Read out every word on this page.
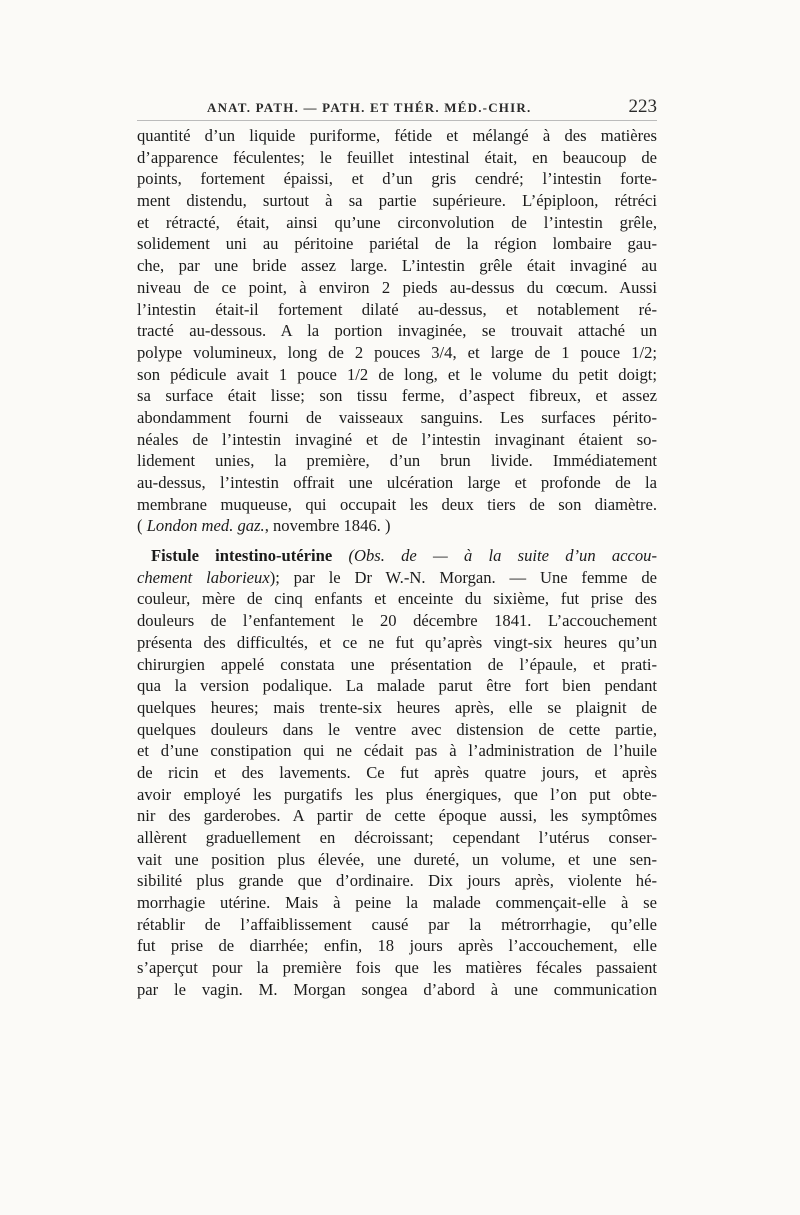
ANAT. PATH. — PATH. ET THÉR. MÉD.-CHIR.	223
quantité d’un liquide puriforme, fétide et mélangé à des matières
d’apparence féculentes; le feuillet intestinal était, en beaucoup de
points, fortement épaissi, et d’un gris cendré; l’intestin forte-
ment distendu, surtout à sa partie supérieure. L’épiploon, rétréci
et rétracté, était, ainsi qu’une circonvolution de l’intestin grêle,
solidement uni au péritoine pariétal de la région lombaire gau-
che, par une bride assez large. L’intestin grêle était invaginé au
niveau de ce point, à environ 2 pieds au-dessus du cœcum. Aussi
l’intestin était-il fortement dilaté au-dessus, et notablement ré-
tracté au-dessous. A la portion invaginée, se trouvait attaché un
polype volumineux, long de 2 pouces 3/4, et large de 1 pouce 1/2;
son pédicule avait 1 pouce 1/2 de long, et le volume du petit doigt;
sa surface était lisse; son tissu ferme, d’aspect fibreux, et assez
abondamment fourni de vaisseaux sanguins. Les surfaces périto-
néales de l’intestin invaginé et de l’intestin invaginant étaient so-
lidement unies, la première, d’un brun livide. Immédiatement
au-dessus, l’intestin offrait une ulcération large et profonde de la
membrane muqueuse, qui occupait les deux tiers de son diamètre.
( London med. gaz., novembre 1846. )
Fistule intestino-utérine (Obs. de — à la suite d’un accou-
chement laborieux); par le Dr W.-N. Morgan. — Une femme de
couleur, mère de cinq enfants et enceinte du sixième, fut prise des
douleurs de l’enfantement le 20 décembre 1841. L’accouchement
présenta des difficultés, et ce ne fut qu’après vingt-six heures qu’un
chirurgien appelé constata une présentation de l’épaule, et prati-
qua la version podalique. La malade parut être fort bien pendant
quelques heures; mais trente-six heures après, elle se plaignit de
quelques douleurs dans le ventre avec distension de cette partie,
et d’une constipation qui ne cédait pas à l’administration de l’huile
de ricin et des lavements. Ce fut après quatre jours, et après
avoir employé les purgatifs les plus énergiques, que l’on put obte-
nir des garderobes. A partir de cette époque aussi, les symptômes
allèrent graduellement en décroissant; cependant l’utérus conser-
vait une position plus élevée, une dureté, un volume, et une sen-
sibilité plus grande que d’ordinaire. Dix jours après, violente hé-
morrhagie utérine. Mais à peine la malade commençait-elle à se
rétablir de l’affaiblissement causé par la métrorrhagie, qu’elle
fut prise de diarrhée; enfin, 18 jours après l’accouchement, elle
s’aperçut pour la première fois que les matières fécales passaient
par le vagin. M. Morgan songea d’abord à une communication
